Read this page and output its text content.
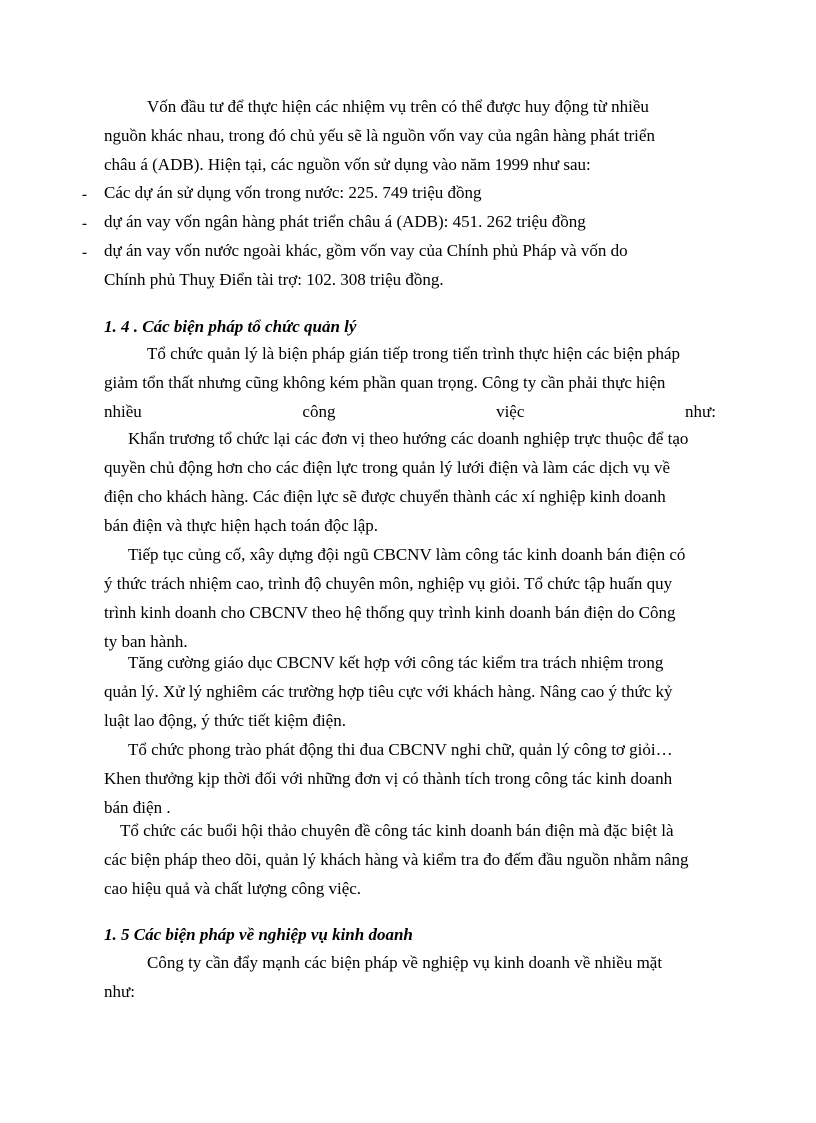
Vốn đầu tư để thực hiện các nhiệm vụ trên có thể được huy động từ nhiều
nguồn khác nhau, trong đó chủ yếu sẽ là nguồn vốn vay của ngân hàng phát triển
châu á (ADB). Hiện tại, các nguồn vốn sử dụng vào năm 1999 như sau:
- Các dự án sử dụng vốn trong nước: 225. 749 triệu đồng
- dự án vay vốn ngân hàng phát triển châu á (ADB): 451. 262 triệu đồng
- dự án vay vốn nước ngoài khác, gồm vốn vay của Chính phủ Pháp và vốn do
Chính phủ Thuỵ Điển tài trợ: 102. 308 triệu đồng.
1. 4 . Các biện pháp tổ chức quản lý
Tổ chức quản lý là biện pháp gián tiếp trong tiến trình thực hiện các biện pháp
giảm tổn thất nhưng cũng không kém phần quan trọng. Công ty cần phải thực hiện
nhiều	công	việc	như:
Khẩn trương tổ chức lại các đơn vị theo hướng các doanh nghiệp trực thuộc để tạo
quyền chủ động hơn cho các điện lực trong quản lý lưới điện và làm các dịch vụ về
điện cho khách hàng. Các điện lực sẽ được chuyển thành các xí nghiệp kinh doanh
bán điện và thực hiện hạch toán độc lập.
Tiếp tục củng cố, xây dựng đội ngũ CBCNV làm công tác kinh doanh bán điện có
ý thức trách nhiệm cao, trình độ chuyên môn, nghiệp vụ giỏi. Tổ chức tập huấn quy
trình kinh doanh cho CBCNV theo hệ thống quy trình kinh doanh bán điện do Công
ty ban hành.
Tăng cường giáo dục CBCNV kết hợp với công tác kiểm tra trách nhiệm trong
quản lý. Xử lý nghiêm các trường hợp tiêu cực với khách hàng. Nâng cao ý thức kỷ
luật lao động, ý thức tiết kiệm điện.
Tổ chức phong trào phát động thi đua CBCNV nghi chữ, quản lý công tơ giỏi…
Khen thưởng kịp thời đối với những đơn vị có thành tích trong công tác kinh doanh
bán điện .
Tổ chức các buổi hội thảo chuyên đề công tác kinh doanh bán điện mà đặc biệt là
các biện pháp theo dõi, quản lý khách hàng và kiểm tra đo đếm đầu nguồn nhằm nâng
cao hiệu quả và chất lượng công việc.
1. 5 Các biện pháp về nghiệp vụ kinh doanh
Công ty cần đẩy mạnh các biện pháp về nghiệp vụ kinh doanh về nhiều mặt
như:
